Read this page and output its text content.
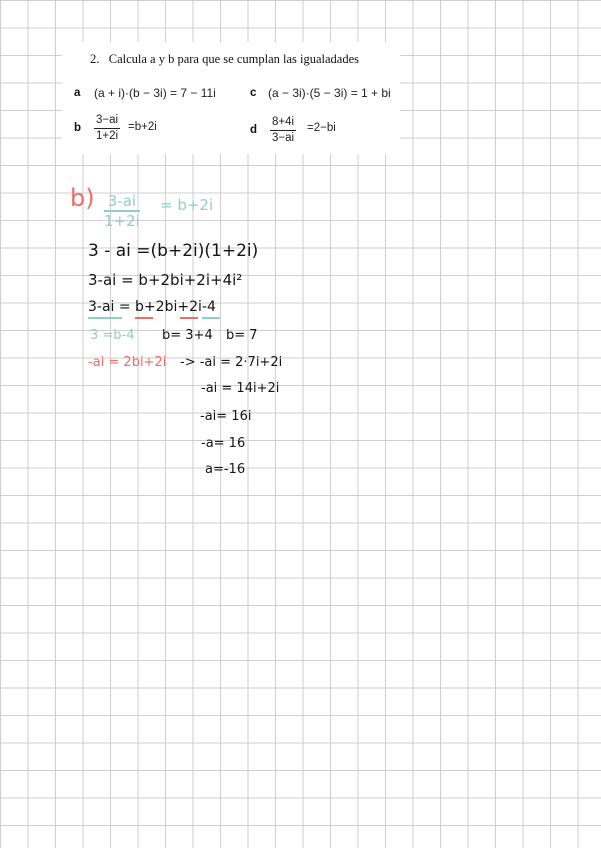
2. Calcula a y b para que se cumplan las igualadades
a (a + i)·(b − 3i) = 7 − 11i	c (a − 3i)·(5 − 3i) = 1 + bi
b $\frac{3-ai}{1+2i} =b+2i$	d $\frac{8+4i}{3-ai} =2-bi$
$b) \frac{3-ai}{1+2i} = b+2i$
3 - ai =(b+2i)(1+2i)
3-ai = b+2bi+2i+4i²
3-ai = b+2bi+2i-4
3 =b-4 b= 3+4 b= 7
-ai = 2bi+2i -> -ai = 2·7i+2i
-ai = 14i+2i
-ai= 16i
-a= 16
a=-16
